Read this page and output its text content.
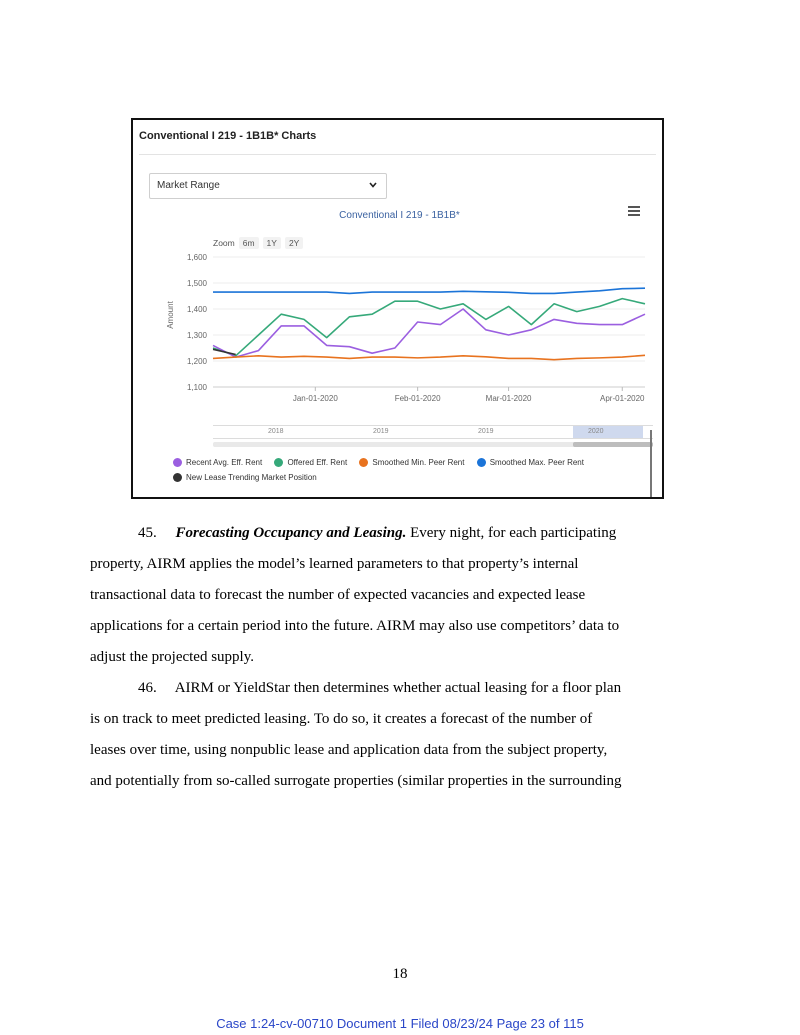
Conventional I 219 - 1B1B* Charts
Market Range
Conventional I 219 - 1B1B*
Zoom 6m	1Y	2Y
Amount
1,100
1,200
1,300
1,400
1,500
1,600
Jan-01-2020	Feb-01-2020	Mar-01-2020	Apr-01-2020
2018	2019	2019	2020
Recent Avg. Eff. Rent
	Offered Eff. Rent
	Smoothed Min. Peer Rent
	Smoothed Max. Peer Rent

New Lease Trending Market Position
45. Forecasting Occupancy and Leasing. Every night, for each participating
property, AIRM applies the model’s learned parameters to that property’s internal
transactional data to forecast the number of expected vacancies and expected lease
applications for a certain period into the future. AIRM may also use competitors’ data to
adjust the projected supply.
46. AIRM or YieldStar then determines whether actual leasing for a floor plan
is on track to meet predicted leasing. To do so, it creates a forecast of the number of
leases over time, using nonpublic lease and application data from the subject property,
and potentially from so-called surrogate properties (similar properties in the surrounding
18
Case 1:24-cv-00710 Document 1 Filed 08/23/24 Page 23 of 115
